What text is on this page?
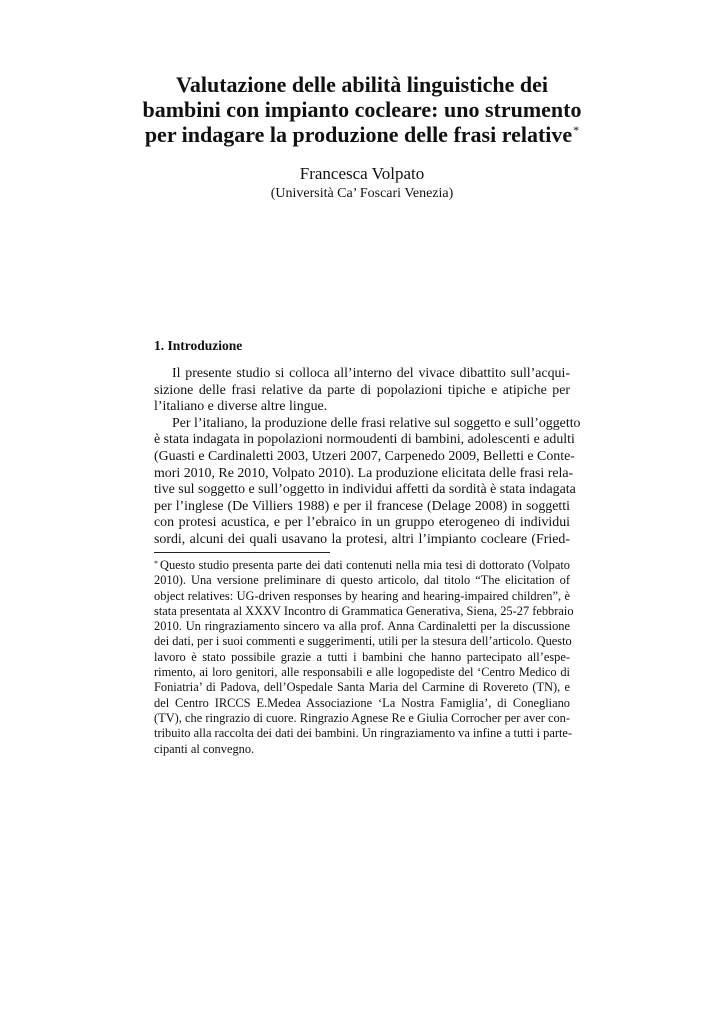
Valutazione delle abilità linguistiche dei

bambini con impianto cocleare: uno strumento

per indagare la produzione delle frasi relative*

Francesca Volpato
(Università Ca’ Foscari Venezia)
1. Introduzione
Il presente studio si colloca all’interno del vivace dibattito sull’acqui-
sizione delle frasi relative da parte di popolazioni tipiche e atipiche per
l’italiano e diverse altre lingue.
Per l’italiano, la produzione delle frasi relative sul soggetto e sull’oggetto
è stata indagata in popolazioni normoudenti di bambini, adolescenti e adulti
(Guasti e Cardinaletti 2003, Utzeri 2007, Carpenedo 2009, Belletti e Conte-
mori 2010, Re 2010, Volpato 2010). La produzione elicitata delle frasi rela-
tive sul soggetto e sull’oggetto in individui affetti da sordità è stata indagata
per l’inglese (De Villiers 1988) e per il francese (Delage 2008) in soggetti
con protesi acustica, e per l’ebraico in un gruppo eterogeneo di individui
sordi, alcuni dei quali usavano la protesi, altri l’impianto cocleare (Fried-
* Questo studio presenta parte dei dati contenuti nella mia tesi di dottorato (Volpato
2010). Una versione preliminare di questo articolo, dal titolo “The elicitation of
object relatives: UG-driven responses by hearing and hearing-impaired children”, è
stata presentata al XXXV Incontro di Grammatica Generativa, Siena, 25-27 febbraio
2010. Un ringraziamento sincero va alla prof. Anna Cardinaletti per la discussione
dei dati, per i suoi commenti e suggerimenti, utili per la stesura dell’articolo. Questo
lavoro è stato possibile grazie a tutti i bambini che hanno partecipato all’espe-
rimento, ai loro genitori, alle responsabili e alle logopediste del ‘Centro Medico di
Foniatria’ di Padova, dell’Ospedale Santa Maria del Carmine di Rovereto (TN), e
del Centro IRCCS E.Medea Associazione ‘La Nostra Famiglia’, di Conegliano
(TV), che ringrazio di cuore. Ringrazio Agnese Re e Giulia Corrocher per aver con-
tribuito alla raccolta dei dati dei bambini. Un ringraziamento va infine a tutti i parte-
cipanti al convegno.
